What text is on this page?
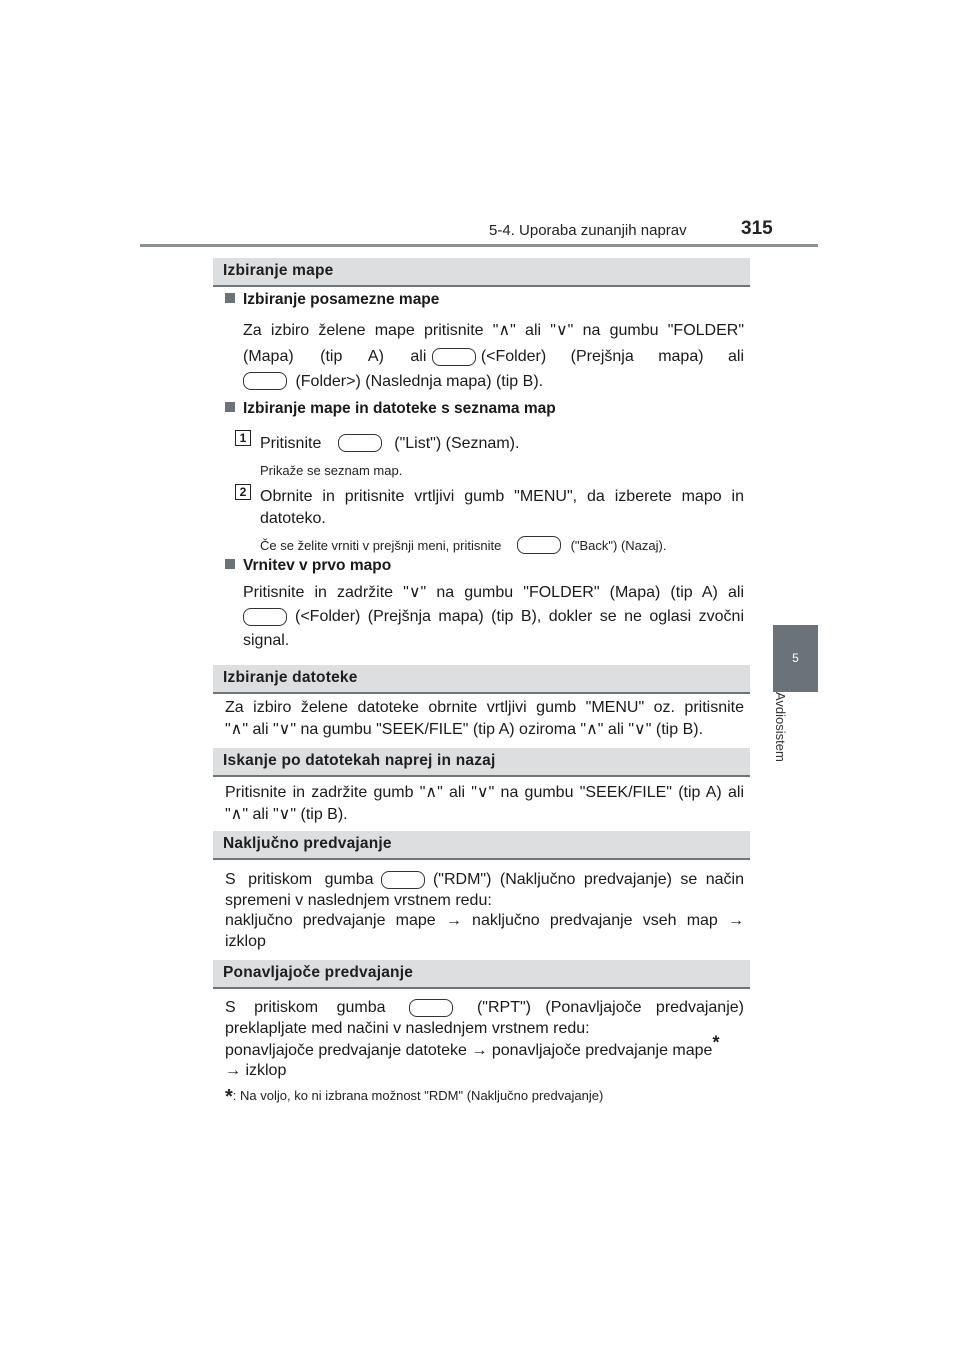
5-4. Uporaba zunanjih naprav	315
5
Avdiosistem
Izbiranje mape
Izbiranje posamezne mape
Za izbiro želene mape pritisnite "∧" ali "∨" na gumbu "FOLDER"
(Mapa) (tip A) ali	(<Folder) (Prejšnja mapa) ali
(Folder>) (Naslednja mapa) (tip B).
Izbiranje mape in datoteke s seznama map
1 Pritisnite	("List") (Seznam).
Prikaže se seznam map.
2 Obrnite in pritisnite vrtljivi gumb "MENU", da izberete mapo in
datoteko.
Če se želite vrniti v prejšnji meni, pritisnite	("Back") (Nazaj).
Vrnitev v prvo mapo
Pritisnite in zadržite "∨" na gumbu "FOLDER" (Mapa) (tip A) ali
(<Folder) (Prejšnja mapa) (tip B), dokler se ne oglasi zvočni
signal.
Izbiranje datoteke
Za izbiro želene datoteke obrnite vrtljivi gumb "MENU" oz. pritisnite
"∧" ali "∨" na gumbu "SEEK/FILE" (tip A) oziroma "∧" ali "∨" (tip B).
Iskanje po datotekah naprej in nazaj
Pritisnite in zadržite gumb "∧" ali "∨" na gumbu "SEEK/FILE" (tip A) ali
"∧" ali "∨" (tip B).
Naključno predvajanje
S pritiskom gumba	("RDM") (Naključno predvajanje) se način
spremeni v naslednjem vrstnem redu:
naključno predvajanje mape → naključno predvajanje vseh map →
izklop
Ponavljajoče predvajanje
S pritiskom gumba	("RPT") (Ponavljajoče predvajanje)
preklapljate med načini v naslednjem vrstnem redu:
ponavljajoče predvajanje datoteke → ponavljajoče predvajanje mape*
→ izklop
*: Na voljo, ko ni izbrana možnost "RDM" (Naključno predvajanje)
